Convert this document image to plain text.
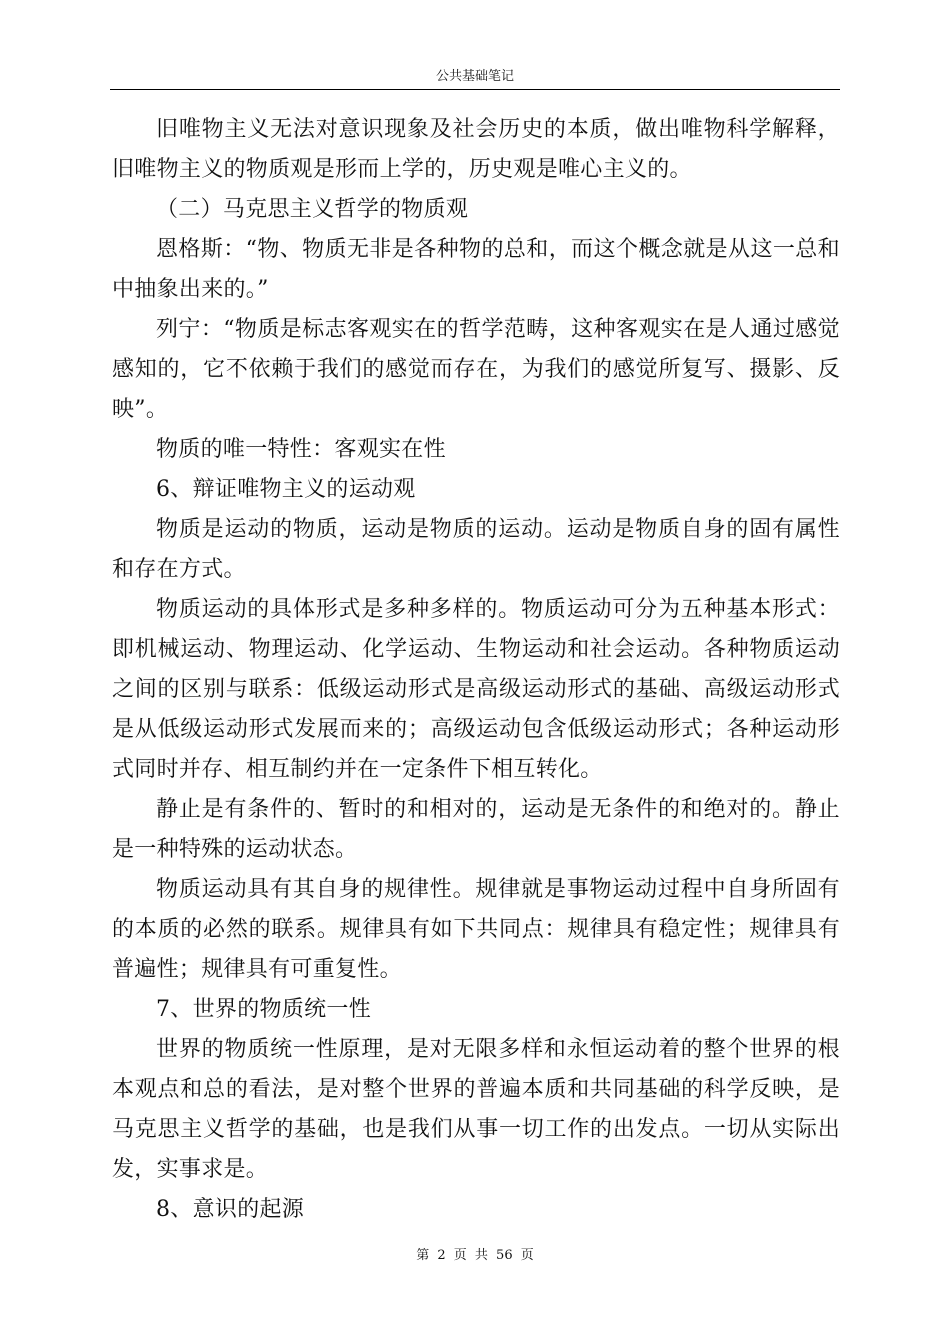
公共基础笔记

旧唯物主义无法对意识现象及社会历史的本质，做出唯物科学解释，旧唯物主义的物质观是形而上学的，历史观是唯心主义的。

（二）马克思主义哲学的物质观

恩格斯：“物、物质无非是各种物的总和，而这个概念就是从这一总和中抽象出来的。”

列宁：“物质是标志客观实在的哲学范畴，这种客观实在是人通过感觉感知的，它不依赖于我们的感觉而存在，为我们的感觉所复写、摄影、反映”。

物质的唯一特性：客观实在性

6、辩证唯物主义的运动观

物质是运动的物质，运动是物质的运动。运动是物质自身的固有属性和存在方式。

物质运动的具体形式是多种多样的。物质运动可分为五种基本形式：即机械运动、物理运动、化学运动、生物运动和社会运动。各种物质运动之间的区别与联系：低级运动形式是高级运动形式的基础、高级运动形式是从低级运动形式发展而来的；高级运动包含低级运动形式；各种运动形式同时并存、相互制约并在一定条件下相互转化。

静止是有条件的、暂时的和相对的，运动是无条件的和绝对的。静止是一种特殊的运动状态。

物质运动具有其自身的规律性。规律就是事物运动过程中自身所固有的本质的必然的联系。规律具有如下共同点：规律具有稳定性；规律具有普遍性；规律具有可重复性。

7、世界的物质统一性

世界的物质统一性原理，是对无限多样和永恒运动着的整个世界的根本观点和总的看法，是对整个世界的普遍本质和共同基础的科学反映，是马克思主义哲学的基础，也是我们从事一切工作的出发点。一切从实际出发，实事求是。

8、意识的起源

第 2 页 共 56 页
